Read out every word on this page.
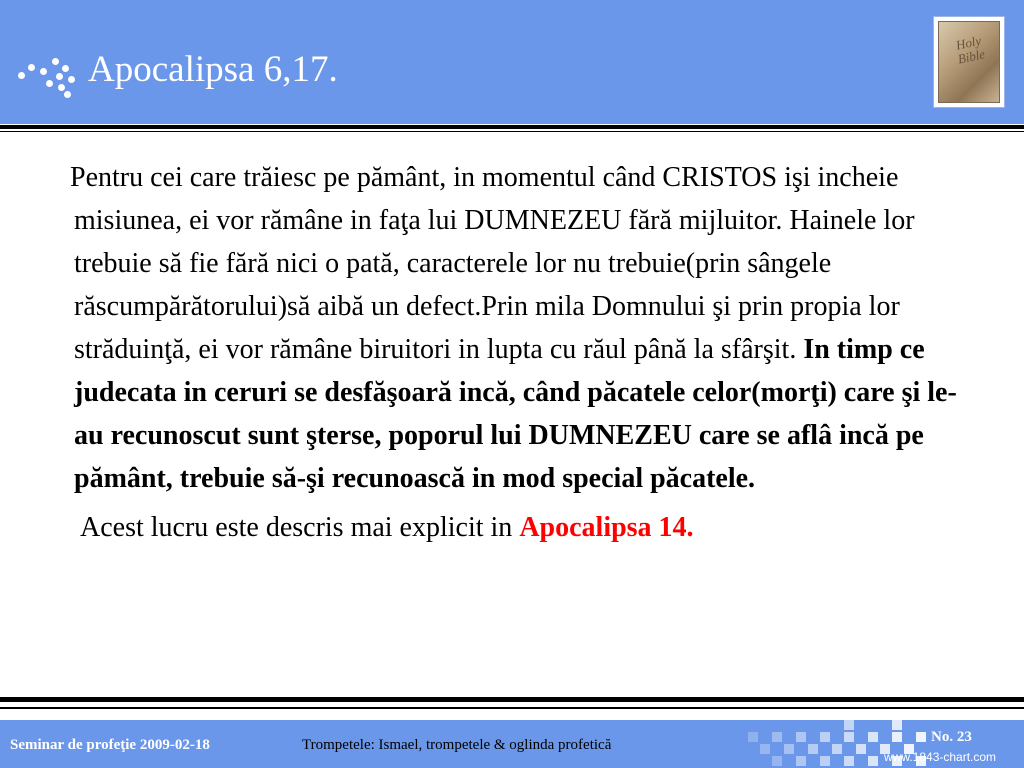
Apocalipsa 6,17.
Holy Bible
Pentru cei care trăiesc pe pământ, in momentul când CRISTOS işi incheie misiunea, ei vor rămâne in faţa lui DUMNEZEU fără mijluitor. Hainele lor trebuie să fie fără nici o pată, caracterele lor nu trebuie(prin sângele răscumpărătorului)să aibă un defect.Prin mila Domnului şi prin propia lor străduinţă, ei vor rămâne biruitori in lupta cu răul până la sfârşit. In timp ce judecata in ceruri se desfăşoară incă, când păcatele celor(morţi) care şi le-au recunoscut sunt şterse, poporul lui DUMNEZEU care se aflâ incă pe pământ, trebuie să-şi recunoască in mod special păcatele.
Acest lucru este descris mai explicit in Apocalipsa 14.
Seminar de profeţie 2009-02-18	Trompetele: Ismael, trompetele & oglinda profetică	No. 23
www.1843-chart.com
